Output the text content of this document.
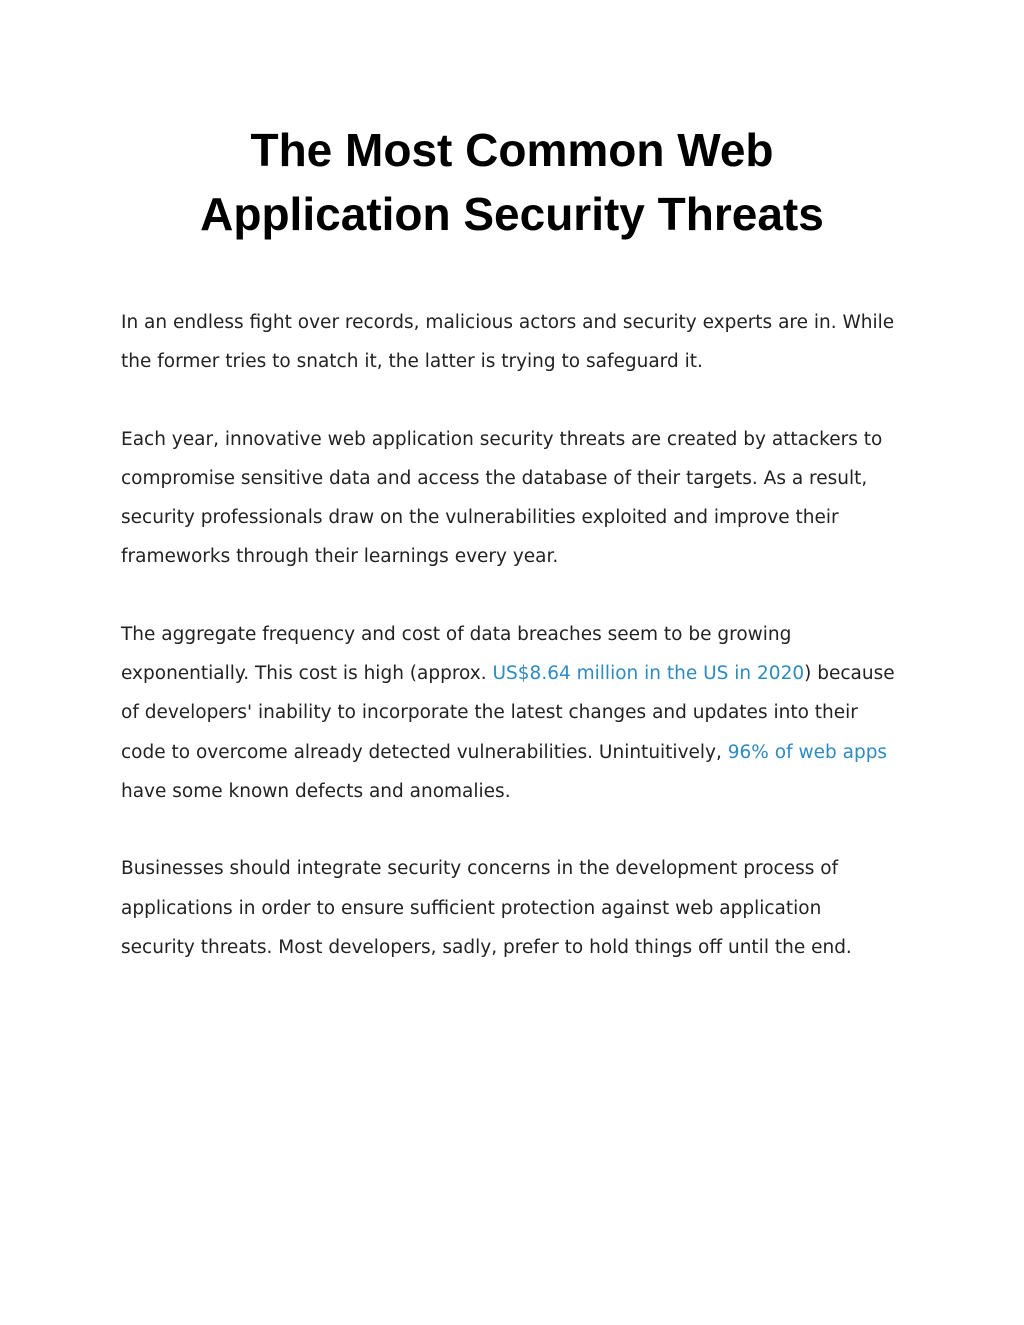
The Most Common Web
Application Security Threats

In an endless fight over records, malicious actors and security experts are in. While
the former tries to snatch it, the latter is trying to safeguard it.

Each year, innovative web application security threats are created by attackers to
compromise sensitive data and access the database of their targets. As a result,
security professionals draw on the vulnerabilities exploited and improve their
frameworks through their learnings every year.

The aggregate frequency and cost of data breaches seem to be growing
exponentially. This cost is high (approx. US$8.64 million in the US in 2020) because
of developers' inability to incorporate the latest changes and updates into their
code to overcome already detected vulnerabilities. Unintuitively, 96% of web apps
have some known defects and anomalies.

Businesses should integrate security concerns in the development process of
applications in order to ensure sufficient protection against web application
security threats. Most developers, sadly, prefer to hold things off until the end.
